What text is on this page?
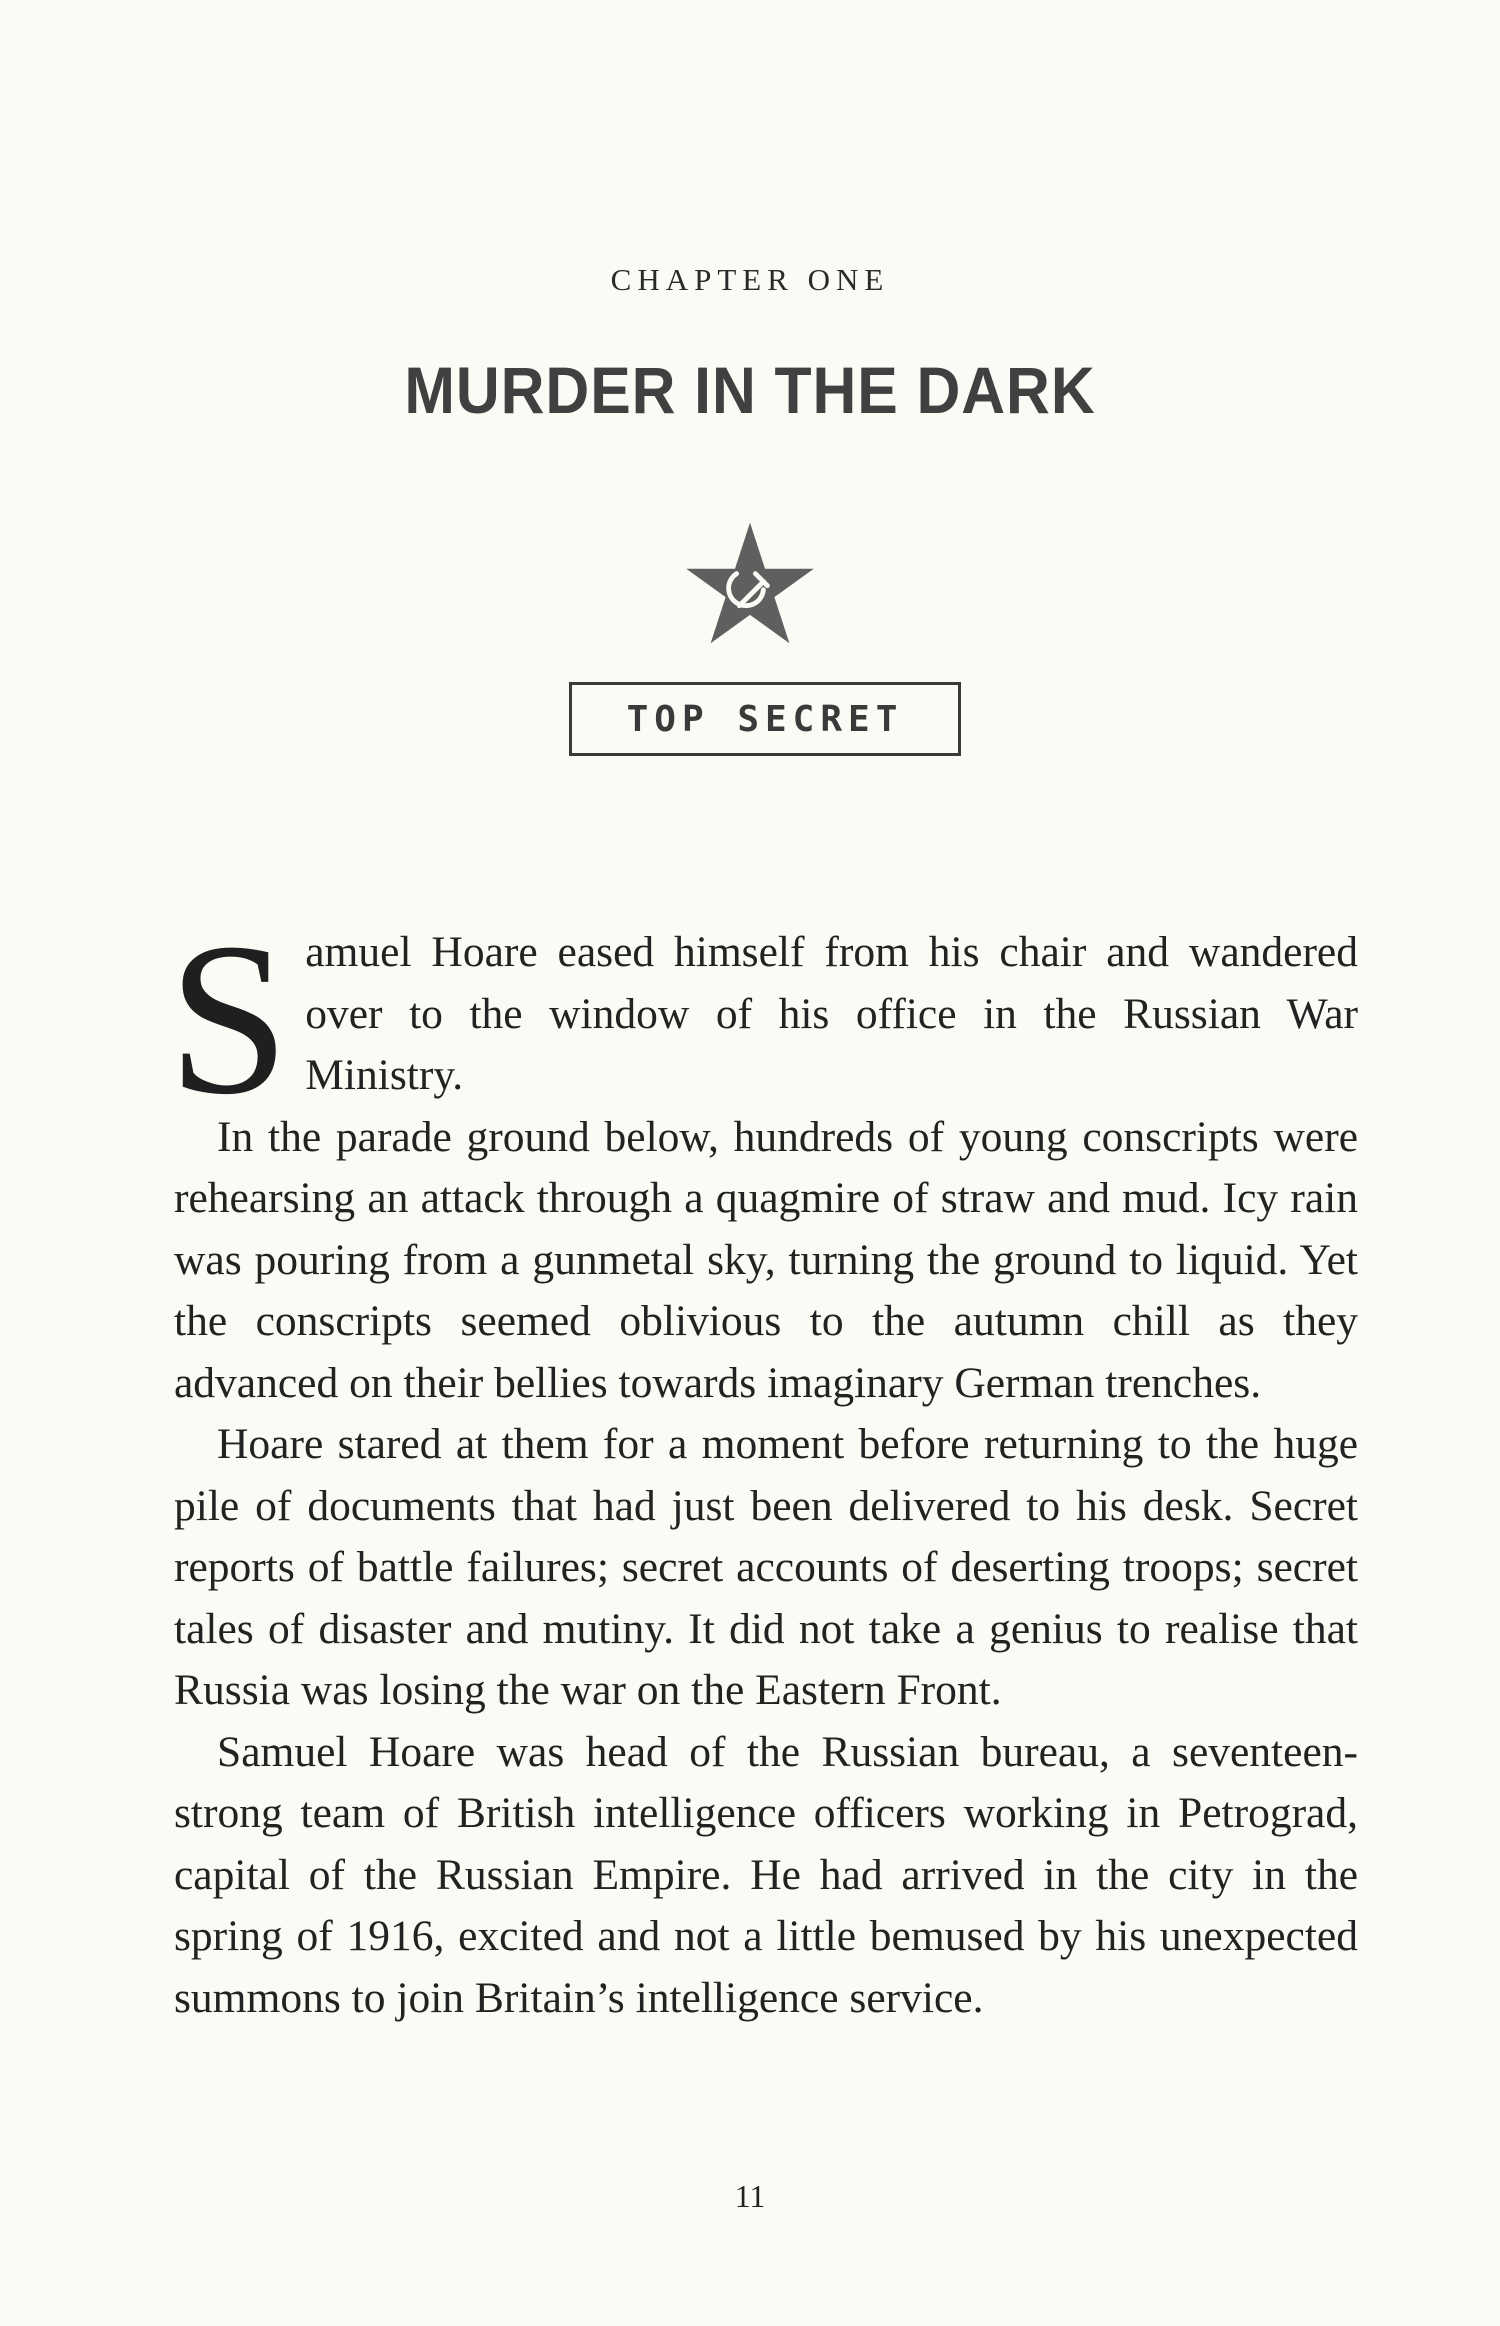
CHAPTER ONE
MURDER IN THE DARK
TOP SECRET

Samuel Hoare eased himself from his chair and wandered over to the window of his office in the Russian War Ministry.

In the parade ground below, hundreds of young conscripts were rehearsing an attack through a quagmire of straw and mud. Icy rain was pouring from a gunmetal sky, turning the ground to liquid. Yet the conscripts seemed oblivious to the autumn chill as they advanced on their bellies towards imaginary German trenches.

Hoare stared at them for a moment before returning to the huge pile of documents that had just been delivered to his desk. Secret reports of battle failures; secret accounts of deserting troops; secret tales of disaster and mutiny. It did not take a genius to realise that Russia was losing the war on the Eastern Front.

Samuel Hoare was head of the Russian bureau, a seventeen-strong team of British intelligence officers working in Petrograd, capital of the Russian Empire. He had arrived in the city in the spring of 1916, excited and not a little bemused by his unexpected summons to join Britain’s intelligence service.

11
